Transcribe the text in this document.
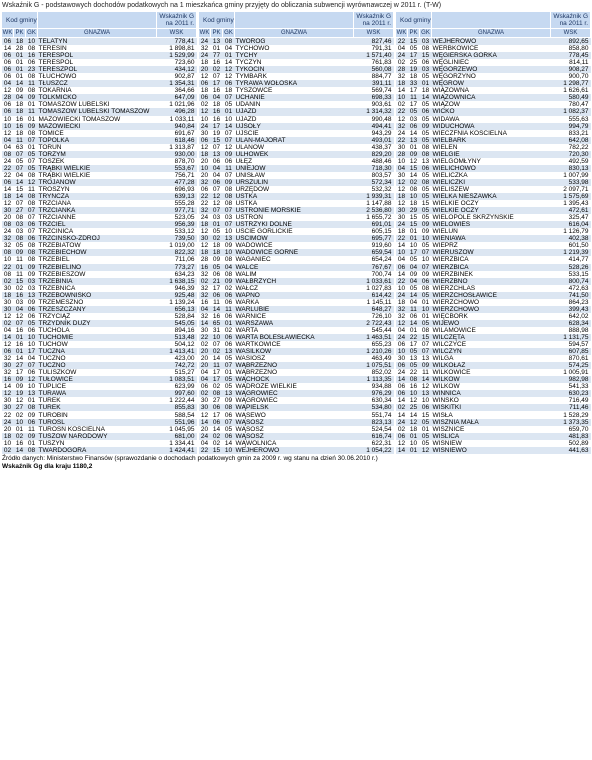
Wskaźnik G - podstawowych dochodów podatkowych na 1 mieszkańca gminy przyjęty do obliczania subwencji wyrównawczej w 2011 r. (T-W)
Kod gminy				Wskaźnik G na 2011 r.
WK	PK	GK	GNAZWA	WSK
06	18	10	TELATYN	778,41
14	28	08	TERESIN	1 898,81
06	01	16	TERESPOL	1 529,99
06	01	06	TERESPOL	723,60
06	01	23	TERESZPOL	434,12
06	01	08	TŁUCHOWO	902,87
04	14	11	TŁUSZCZ	1 354,31
12	09	08	TOKARNIA	364,66
28	04	09	TOLKMICKO	647,09
06	18	01	TOMASZÓW LUBELSKI	1 021,96
06	18	11	TOMASZÓW LUBELSKI TOMASZÓW	496,28
10	16	01	MAZOWIECKI TOMASZÓW	1 033,11
10	16	09	MAZOWIECKI	940,84
12	18	08	TOMICE	691,67
04	11	07	TOPÓLKA	618,46
04	63	01	TORUŃ	1 313,87
08	07	05	TORZYM	930,00
24	05	07	TOSZEK	878,70
22	07	05	TRĄBKI WIELKIE	553,67
22	04	08	TRĄBKI WIELKIE	756,71
06	14	12	TROJANÓW	477,28
14	15	11	TROSZYN	696,93
18	14	08	TRYŃCZA	639,13
12	07	08	TRZCIANA	555,28
30	27	07	TRZCIANKA	977,71
20	08	07	TRZCIANNE	523,05
08	03	06	TRZCIEL	956,39
24	03	07	TRZCINICA	533,12
32	08	06	TRZCIŃSKO-ZDRÓJ	739,50
32	05	08	TRZEBIATÓW	1 019,00
08	09	08	TRZEBIECHÓW	822,32
10	11	08	TRZEBIEL	711,06
22	01	09	TRZEBIELINO	773,27
08	11	09	TRZEBIESZÓW	634,23
02	15	03	TRZEBINIA	1 638,15
30	02	03	TRZEBNICA	946,39
18	16	13	TRZEBOWNISKO	925,48
30	03	09	TRZEMESZNO	1 139,24
30	04	06	TRZESZCZANY	656,13
12	12	06	TRZYCIĄŻ	528,84
02	07	05	TRZYDNIK DUŻY	545,05
04	16	06	TUCHOLA	894,16
14	01	10	TUCHOMIE	513,48
12	16	10	TUCHÓW	504,12
06	01	17	TUCZNA	1 413,41
32	14	04	TUCZNO	423,00
30	27	07	TUCZNO	742,72
32	17	06	TULISZKÓW	515,27
16	09	12	TUŁOWICE	1 083,51
14	09	10	TUPLICE	623,99
12	19	13	TURAWA	997,60
30	12	01	TUREK	1 222,44
30	27	08	TUREK	855,83
22	02	09	TUROBIN	588,54
24	10	06	TUROŚL	551,96
20	01	11	TUROŚŃ KOŚCIELNA	1 045,95
18	02	09	TUSZÓW NARODOWY	681,00
10	16	01	TUSZYN	1 334,41
02	14	08	TWARDOGÓRA	1 424,41
Kod gminy				Wskaźnik G na 2011 r.
WK	PK	GK	GNAZWA	WSK
24	13	08	TWORÓG	827,46
32	01	04	TYCHOWO	791,31
24	77	01	TYCHY	1 571,40
18	16	14	TYCZYN	761,83
20	02	12	TYKOCIN	560,08
12	07	12	TYMBARK	884,77
06	17	06	TYRAWA WOŁOSKA	391,11
18	16	18	TYSZOWCE	569,74
06	04	07	UCHANIE	698,33
02	18	05	UDANIN	903,61
12	16	01	UJAZD	1 314,32
10	16	10	UJAZD	990,48
24	17	14	UJSOŁY	494,41
30	19	07	UJŚCIE	943,29
06	15	07	ULAN-MAJORAT	493,01
12	07	12	ULANÓW	438,37
18	13	09	ULHÓWEK	829,20
20	06	06	UŁĘŻ	488,46
10	04	11	UNIEJÓW	718,30
20	04	07	UNISŁAW	803,57
32	06	09	URSZULIN	572,34
06	07	08	URZĘDÓW	532,32
22	12	08	USTKA	1 939,31
22	12	08	USTKA	1 147,88
32	07	07	USTRONIE MORSKIE	2 536,80
24	03	03	USTROŃ	1 655,72
18	01	07	USTRZYKI DOLNE	691,01
12	05	10	UŚCIE GORLICKIE	605,15
30	02	13	UŚCIMÓW	695,77
12	18	09	WADOWICE	919,60
18	18	10	WADOWICE GÓRNE	659,54
28	09	08	WAGANIEC	654,24
16	05	04	WALCE	767,67
32	06	08	WALIM	700,74
02	21	09	WAŁBRZYCH	1 033,61
32	17	02	WAŁCZ	1 027,83
32	06	06	WAPNO	614,42
16	11	06	WARKA	1 145,11
04	14	11	WARLUBIE	648,27
32	16	06	WARNICE	726,10
14	65	01	WARSZAWA	2 722,43
30	31	02	WARTA	545,44
22	10	06	WARTA BOLESŁAWIECKA	1 463,51
02	07	06	WARTKOWICE	655,23
20	02	13	WASILKÓW	1 210,26
20	14	05	WASIOSZ	463,49
20	11	07	WĄBRZEŹNO	1 075,51
04	17	01	WĄBRZEŹNO	852,02
04	17	05	WĄCHOCK	1 113,35
06	02	05	WĄDROŻE WIELKIE	934,88
02	08	13	WĄGROWIEC	976,29
30	27	09	WĄGROWIEC	630,34
30	06	08	WĄPIELSK	534,80
12	17	06	WĄSEWO	551,74
14	06	07	WĄSOSZ	823,13
20	14	05	WĄSOSZ	524,54
24	02	06	WĄSOSZ	616,74
04	02	14	WĄWOLNICA	622,31
22	15	10	WEJHEROWO	1 054,22
Kod gminy				Wskaźnik G na 2011 r.
WK	PK	GK	GNAZWA	WSK
22	15	03	WEJHEROWO	892,65
04	05	08	WERBKOWICE	858,80
24	17	15	WĘGIERSKA GÓRKA	778,45
02	25	06	WĘGLINIEC	814,11
28	19	03	WĘGORZEWO	908,27
32	18	05	WĘGORZYNO	900,70
18	33	01	WĘGRÓW	1 298,77
14	17	18	WIĄZOWNA	1 626,61
10	11	14	WIĄZOWNICA	580,49
02	17	05	WIĄZÓW	780,47
22	05	06	WICKO	1 082,37
12	03	05	WIDAWA	555,63
32	06	09	WIDUCHOWA	994,79
24	14	05	WIECZFNIA KOŚCIELNA	833,21
22	13	05	WIELBARK	642,08
30	01	08	WIELEŃ	782,22
28	09	08	WIELGIE	720,30
10	12	13	WIELGOMŁYNY	492,59
04	15	06	WIELICHOWO	830,13
30	14	05	WIELICZKA	1 007,99
12	02	08	WIELICZKI	533,98
12	08	05	WIELISZEW	2 097,71
18	10	05	WIELKA NIESZAWKA	1 575,69
12	18	15	WIELKIE OCZY	1 395,43
30	29	05	WIELKIE OCZY	472,61
30	15	05	WIELOPOLE SKRZYŃSKIE	325,47
24	15	09	WIELOWIEŚ	616,04
18	01	09	WIELUŃ	1 126,79
22	01	10	WIENIAWA	402,38
14	10	05	WIEPRZ	601,50
10	17	07	WIERUSZÓW	1 219,39
04	05	10	WIERZBICA	414,77
06	04	07	WIERZBICA	528,26
14	09	09	WIERZBINEK	533,15
22	04	06	WIERZBNO	800,74
10	05	08	WIERZCHLAS	472,63
24	14	05	WIERZCHOSŁAWICE	741,50
18	04	01	WIERZCHOWO	864,23
32	11	10	WIERZCHOWO	399,43
32	06	01	WIĘCBORK	642,02
12	14	05	WIJEWO	628,34
04	01	08	WILAMOWICE	888,98
24	22	15	WILCZĘTA	1 131,75
06	17	07	WILCZYCE	594,57
10	05	07	WILCZYN	607,85
30	13	13	WILGA	870,61
06	05	09	WILKOŁAZ	574,25
24	22	11	WILKOWICE	1 005,91
14	08	14	WILKÓW	982,98
06	16	12	WILKÓW	541,33
06	10	13	WINNICA	630,23
14	12	10	WIŃSKO	716,49
02	25	06	WISKITKI	711,46
14	14	15	WISŁA	1 528,29
24	12	05	WISZNIA MAŁA	1 373,35
02	18	01	WISZNICE	659,70
06	01	05	WIŚLICA	481,83
12	10	05	WIŚNIEW	502,89
14	01	12	WIŚNIEWO	441,63
Źródło danych: Ministerstwo Finansów (sprawozdanie o dochodach podatkowych gmin za 2009 r. wg stanu na dzień 30.06.2010 r.)
Wskaźnik Gg dla kraju 1180,2
